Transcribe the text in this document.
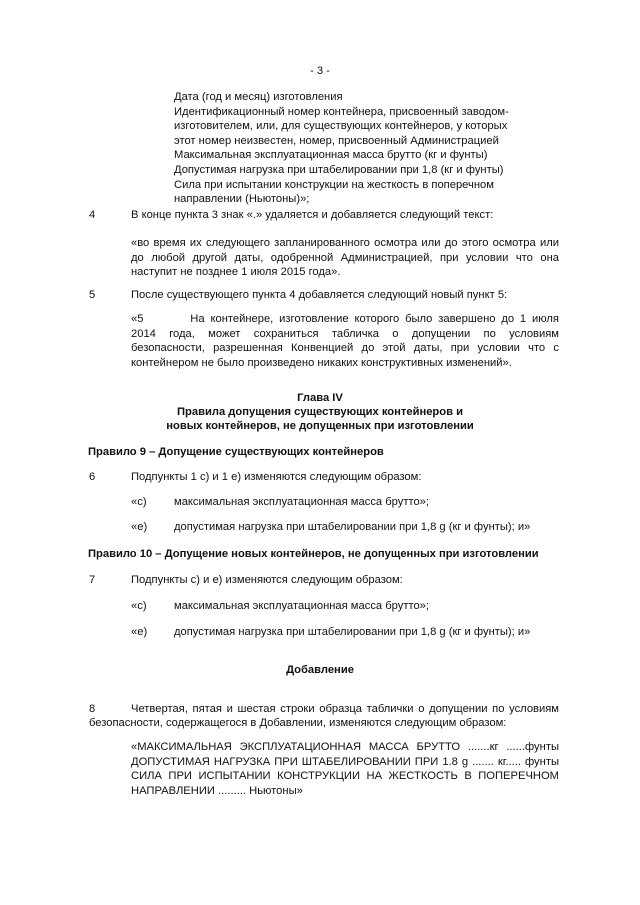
- 3 -
Дата (год и месяц) изготовления
Идентификационный номер контейнера, присвоенный заводом-
изготовителем, или, для существующих контейнеров, у которых
этот номер неизвестен, номер, присвоенный Администрацией
Максимальная эксплуатационная масса брутто (кг и фунты)
Допустимая нагрузка при штабелировании при 1,8 (кг и фунты)
Сила при испытании конструкции на жесткость в поперечном
направлении (Ньютоны)»;
4	В конце пункта 3 знак «.» удаляется и добавляется следующий текст:
«во время их следующего запланированного осмотра или до этого осмотра или
до любой другой даты, одобренной Администрацией, при условии что она
наступит не позднее 1 июля 2015 года».
5	После существующего пункта 4 добавляется следующий новый пункт 5:
«5        На контейнере, изготовление которого было завершено до 1 июля
2014 года, может сохраниться табличка о допущении по условиям
безопасности, разрешенная Конвенцией до этой даты, при условии что с
контейнером не было произведено никаких конструктивных изменений».
Глава IV
Правила допущения существующих контейнеров и
новых контейнеров, не допущенных при изготовлении
Правило 9 – Допущение существующих контейнеров
6	Подпункты 1 с) и 1 е) изменяются следующим образом:
«с) максимальная эксплуатационная масса брутто»;
«е) допустимая нагрузка при штабелировании при 1,8 g (кг и фунты); и»
Правило 10 – Допущение новых контейнеров, не допущенных при изготовлении
7	Подпункты с) и е) изменяются следующим образом:
«с) максимальная эксплуатационная масса брутто»;
«е) допустимая нагрузка при штабелировании при 1,8 g (кг и фунты); и»
Добавление
8	Четвертая, пятая и шестая строки образца таблички о допущении по условиям
безопасности, содержащегося в Добавлении, изменяются следующим образом:
«МАКСИМАЛЬНАЯ ЭКСПЛУАТАЦИОННАЯ МАССА БРУТТО .......кг ......фунты
ДОПУСТИМАЯ НАГРУЗКА ПРИ ШТАБЕЛИРОВАНИИ ПРИ 1.8 g ....... кг..... фунты
СИЛА ПРИ ИСПЫТАНИИ КОНСТРУКЦИИ НА ЖЕСТКОСТЬ В ПОПЕРЕЧНОМ
НАПРАВЛЕНИИ ......... Ньютоны»
